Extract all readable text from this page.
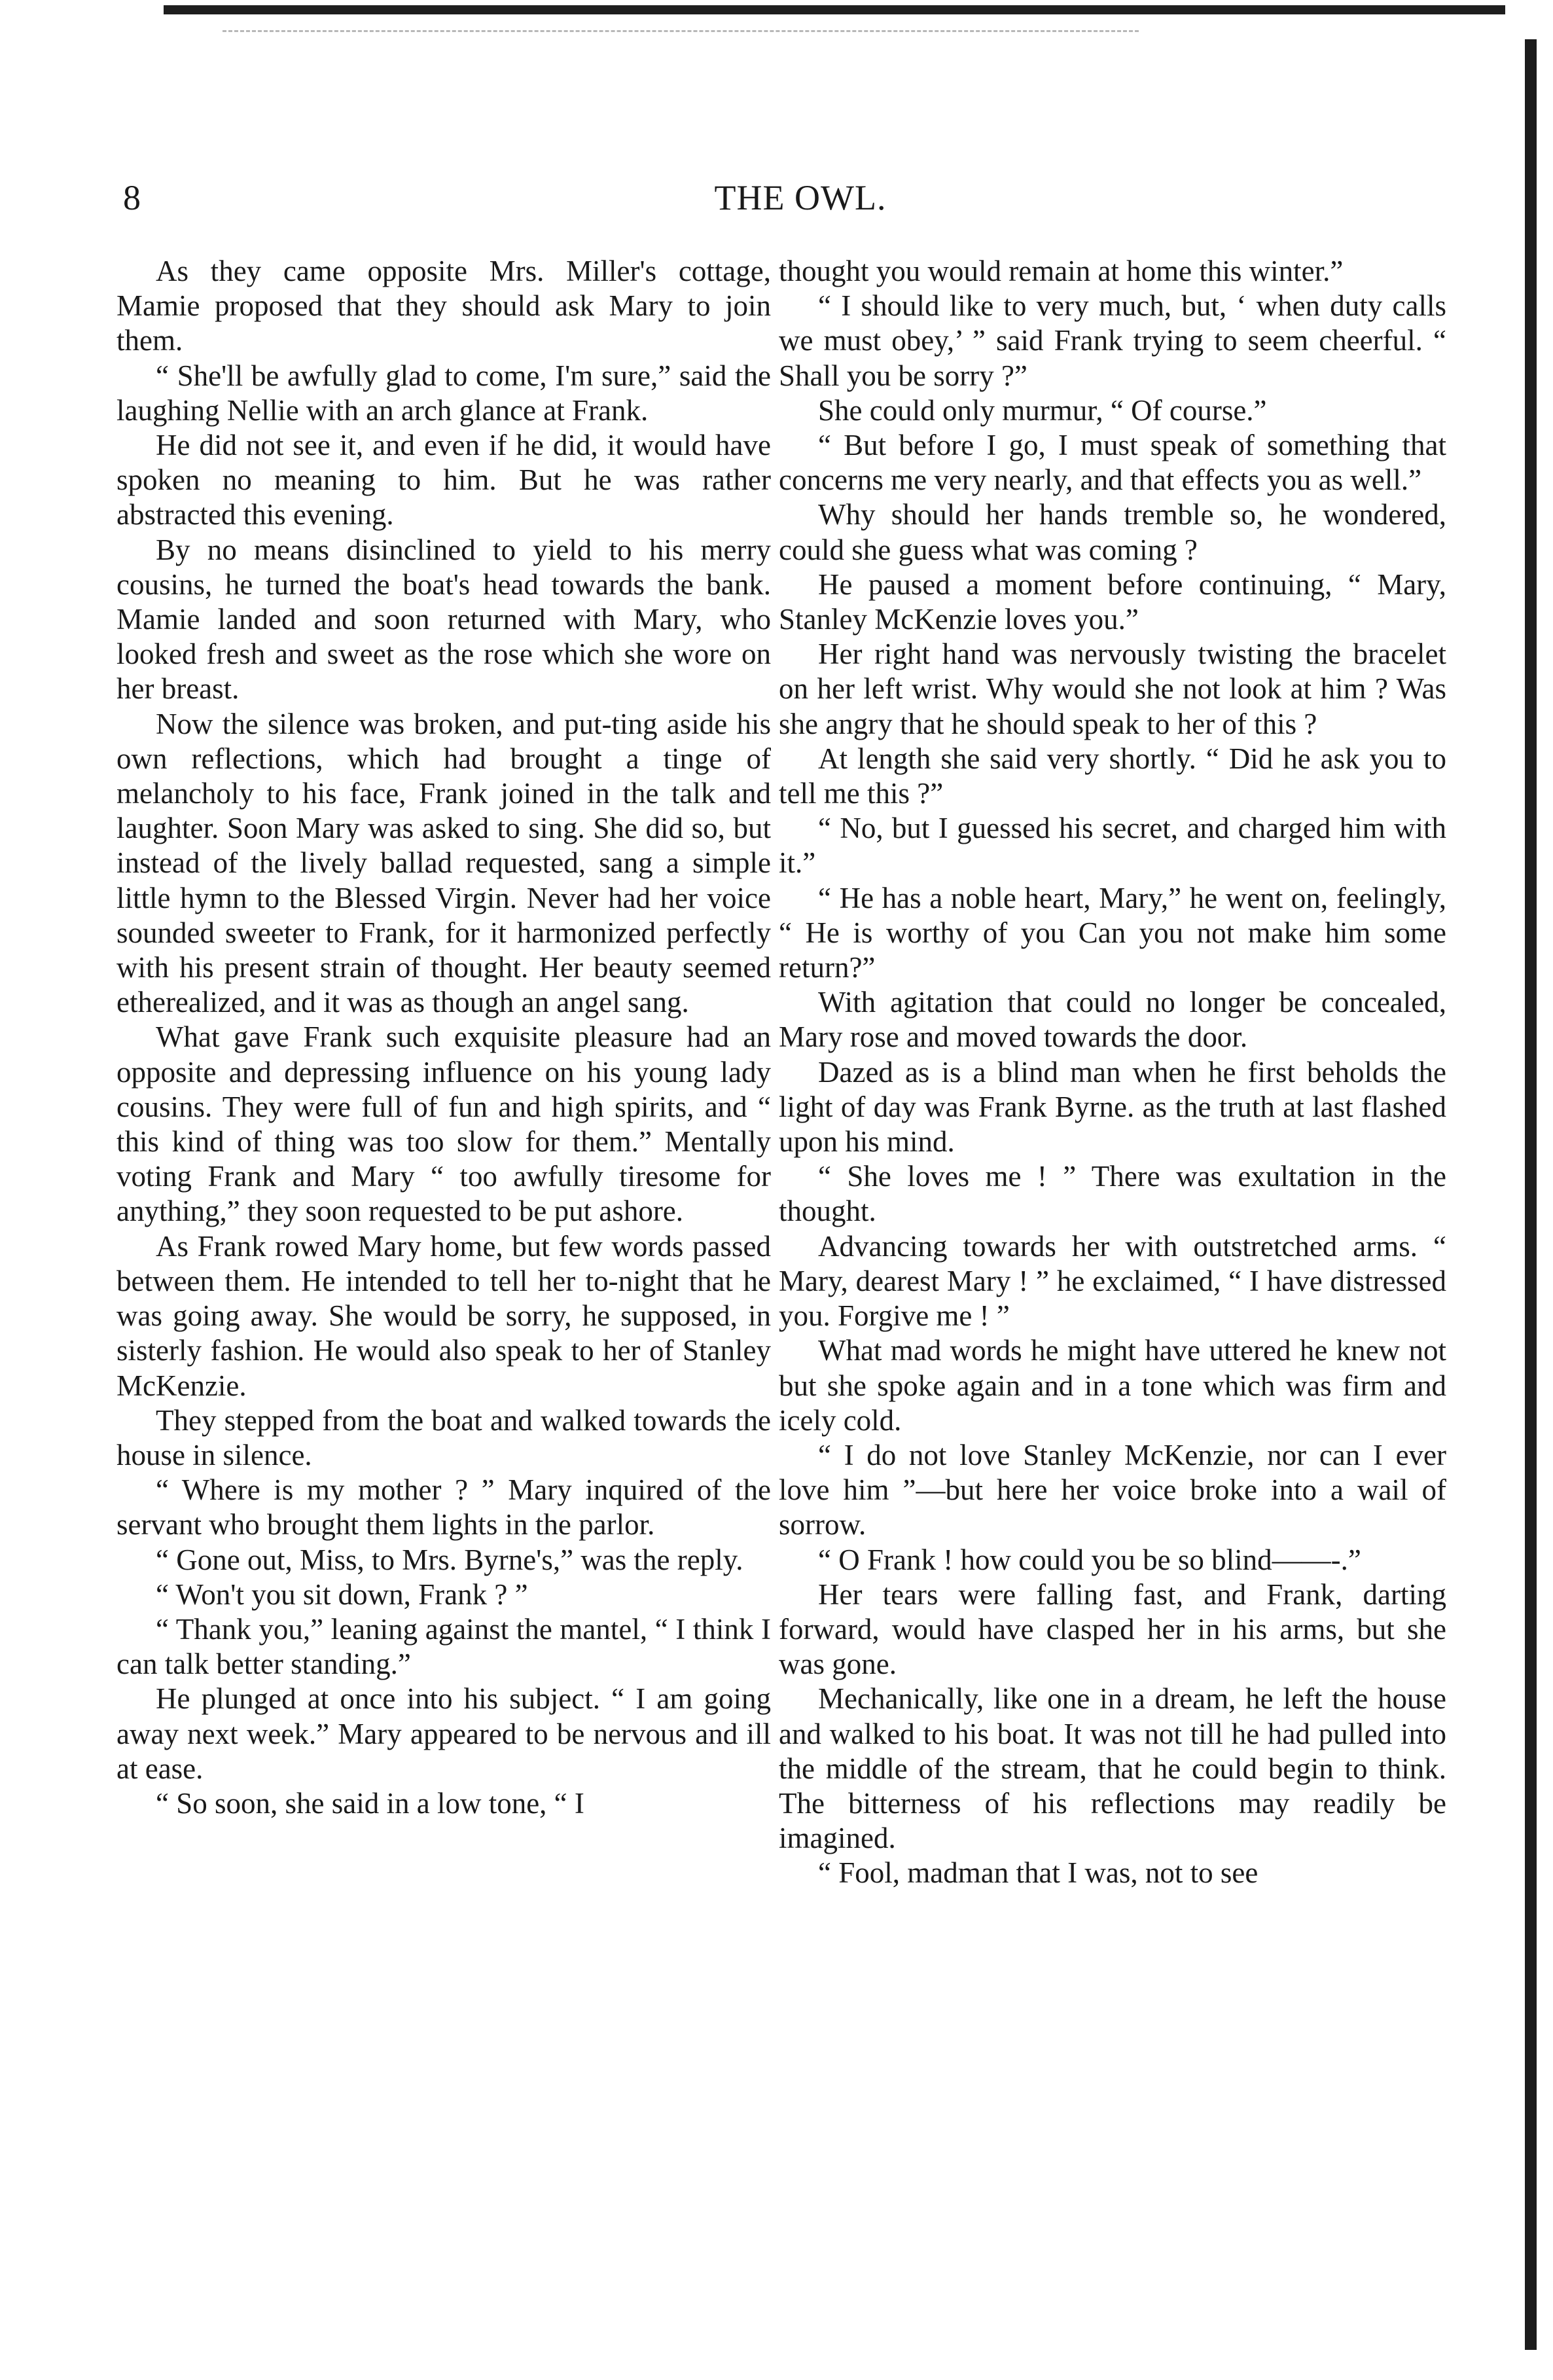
8	THE OWL.

As they came opposite Mrs. Miller's cottage, Mamie proposed that they should ask Mary to join them.

“ She'll be awfully glad to come, I'm sure,” said the laughing Nellie with an arch glance at Frank.

He did not see it, and even if he did, it would have spoken no meaning to him. But he was rather abstracted this evening.

By no means disinclined to yield to his merry cousins, he turned the boat's head towards the bank. Mamie landed and soon returned with Mary, who looked fresh and sweet as the rose which she wore on her breast.

Now the silence was broken, and put-ting aside his own reflections, which had brought a tinge of melancholy to his face, Frank joined in the talk and laughter. Soon Mary was asked to sing. She did so, but instead of the lively ballad requested, sang a simple little hymn to the Blessed Virgin. Never had her voice sounded sweeter to Frank, for it harmonized perfectly with his present strain of thought. Her beauty seemed etherealized, and it was as though an angel sang.

What gave Frank such exquisite pleasure had an opposite and depressing influence on his young lady cousins. They were full of fun and high spirits, and “ this kind of thing was too slow for them.” Mentally voting Frank and Mary “ too awfully tiresome for anything,” they soon requested to be put ashore.

As Frank rowed Mary home, but few words passed between them. He intended to tell her to-night that he was going away. She would be sorry, he supposed, in sisterly fashion. He would also speak to her of Stanley McKenzie.

They stepped from the boat and walked towards the house in silence.

“ Where is my mother ? ” Mary inquired of the servant who brought them lights in the parlor.

“ Gone out, Miss, to Mrs. Byrne's,” was the reply.

“ Won't you sit down, Frank ? ”

“ Thank you,” leaning against the mantel, “ I think I can talk better standing.”

He plunged at once into his subject. “ I am going away next week.” Mary appeared to be nervous and ill at ease.

“ So soon, she said in a low tone, “ I

thought you would remain at home this winter.”

“ I should like to very much, but, ‘ when duty calls we must obey,’ ” said Frank trying to seem cheerful. “ Shall you be sorry ?”

She could only murmur, “ Of course.”

“ But before I go, I must speak of something that concerns me very nearly, and that effects you as well.”

Why should her hands tremble so, he wondered, could she guess what was coming ?

He paused a moment before continuing, “ Mary, Stanley McKenzie loves you.”

Her right hand was nervously twisting the bracelet on her left wrist. Why would she not look at him ? Was she angry that he should speak to her of this ?

At length she said very shortly. “ Did he ask you to tell me this ?”

“ No, but I guessed his secret, and charged him with it.”

“ He has a noble heart, Mary,” he went on, feelingly, “ He is worthy of you Can you not make him some return?”

With agitation that could no longer be concealed, Mary rose and moved towards the door.

Dazed as is a blind man when he first beholds the light of day was Frank Byrne. as the truth at last flashed upon his mind.

“ She loves me ! ” There was exultation in the thought.

Advancing towards her with outstretched arms. “ Mary, dearest Mary ! ” he exclaimed, “ I have distressed you. Forgive me ! ”

What mad words he might have uttered he knew not but she spoke again and in a tone which was firm and icely cold.

“ I do not love Stanley McKenzie, nor can I ever love him ”—but here her voice broke into a wail of sorrow.

“ O Frank ! how could you be so blind——-.”

Her tears were falling fast, and Frank, darting forward, would have clasped her in his arms, but she was gone.

Mechanically, like one in a dream, he left the house and walked to his boat. It was not till he had pulled into the middle of the stream, that he could begin to think. The bitterness of his reflections may readily be imagined.

“ Fool, madman that I was, not to see
